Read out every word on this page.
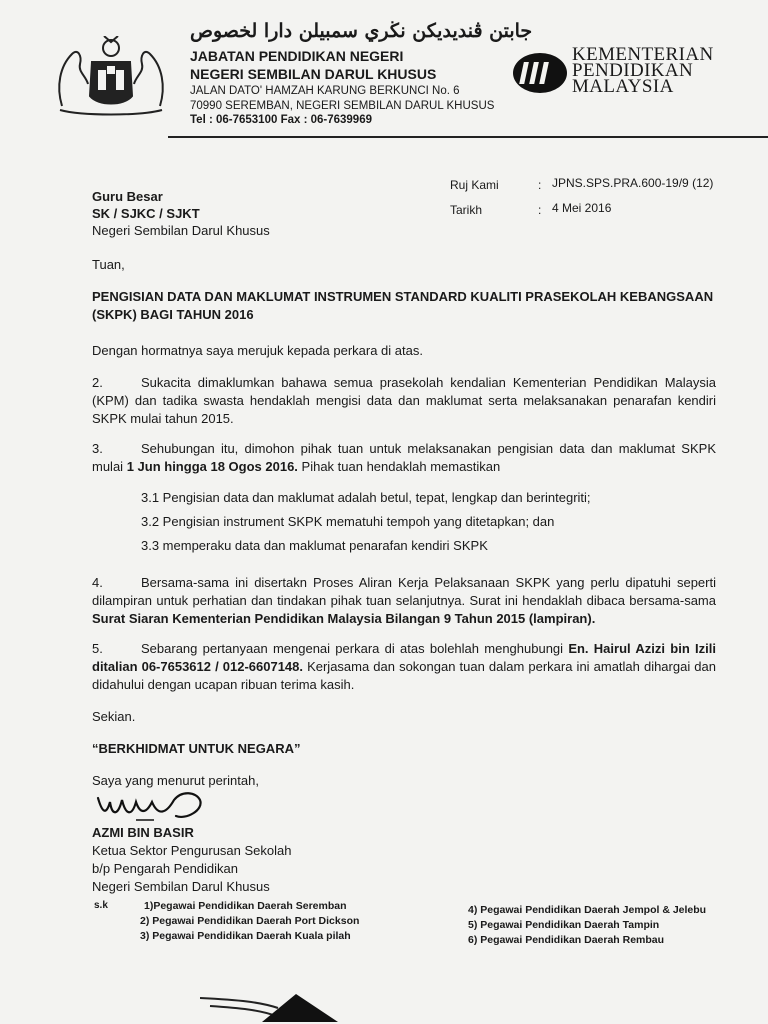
جابتن ڤنديديكن نڬري سمبيلن دارا لخصوص
JABATAN PENDIDIKAN NEGERI
NEGERI SEMBILAN DARUL KHUSUS
JALAN DATO' HAMZAH KARUNG BERKUNCI No. 6
70990 SEREMBAN, NEGERI SEMBILAN DARUL KHUSUS
Tel : 06-7653100 Fax : 06-7639969
KEMENTERIAN
PENDIDIKAN
MALAYSIA
Guru Besar
SK / SJKC / SJKT
Negeri Sembilan Darul Khusus
Ruj Kami	: JPNS.SPS.PRA.600-19/9 (12)
Tarikh	: 4 Mei 2016
Tuan,
PENGISIAN DATA DAN MAKLUMAT INSTRUMEN STANDARD KUALITI PRASEKOLAH KEBANGSAAN
(SKPK) BAGI TAHUN 2016
Dengan hormatnya saya merujuk kepada perkara di atas.
2.	Sukacita dimaklumkan bahawa semua prasekolah kendalian Kementerian Pendidikan Malaysia (KPM) dan tadika swasta hendaklah mengisi data dan maklumat serta melaksanakan penarafan kendiri SKPK mulai tahun 2015.
3.	Sehubungan itu, dimohon pihak tuan untuk melaksanakan pengisian data dan maklumat SKPK mulai 1 Jun hingga 18 Ogos 2016. Pihak tuan hendaklah memastikan
3.1 Pengisian data dan maklumat adalah betul, tepat, lengkap dan berintegriti;
3.2 Pengisian instrument SKPK mematuhi tempoh yang ditetapkan; dan
3.3 memperaku data dan maklumat penarafan kendiri SKPK
4.	Bersama-sama ini disertakn Proses Aliran Kerja Pelaksanaan SKPK yang perlu dipatuhi seperti dilampiran untuk perhatian dan tindakan pihak tuan selanjutnya. Surat ini hendaklah dibaca bersama-sama Surat Siaran Kementerian Pendidikan Malaysia Bilangan 9 Tahun 2015 (lampiran).
5.	Sebarang pertanyaan mengenai perkara di atas bolehlah menghubungi En. Hairul Azizi bin Izili ditalian 06-7653612 / 012-6607148. Kerjasama dan sokongan tuan dalam perkara ini amatlah dihargai dan didahului dengan ucapan ribuan terima kasih.
Sekian.
“BERKHIDMAT UNTUK NEGARA”
Saya yang menurut perintah,
AZMI BIN BASIR
Ketua Sektor Pengurusan Sekolah
b/p Pengarah Pendidikan
Negeri Sembilan Darul Khusus
s.k	1)Pegawai Pendidikan Daerah Seremban
2) Pegawai Pendidikan Daerah Port Dickson
3) Pegawai Pendidikan Daerah Kuala pilah
4) Pegawai Pendidikan Daerah Jempol & Jelebu
5) Pegawai Pendidikan Daerah Tampin
6) Pegawai Pendidikan Daerah Rembau
